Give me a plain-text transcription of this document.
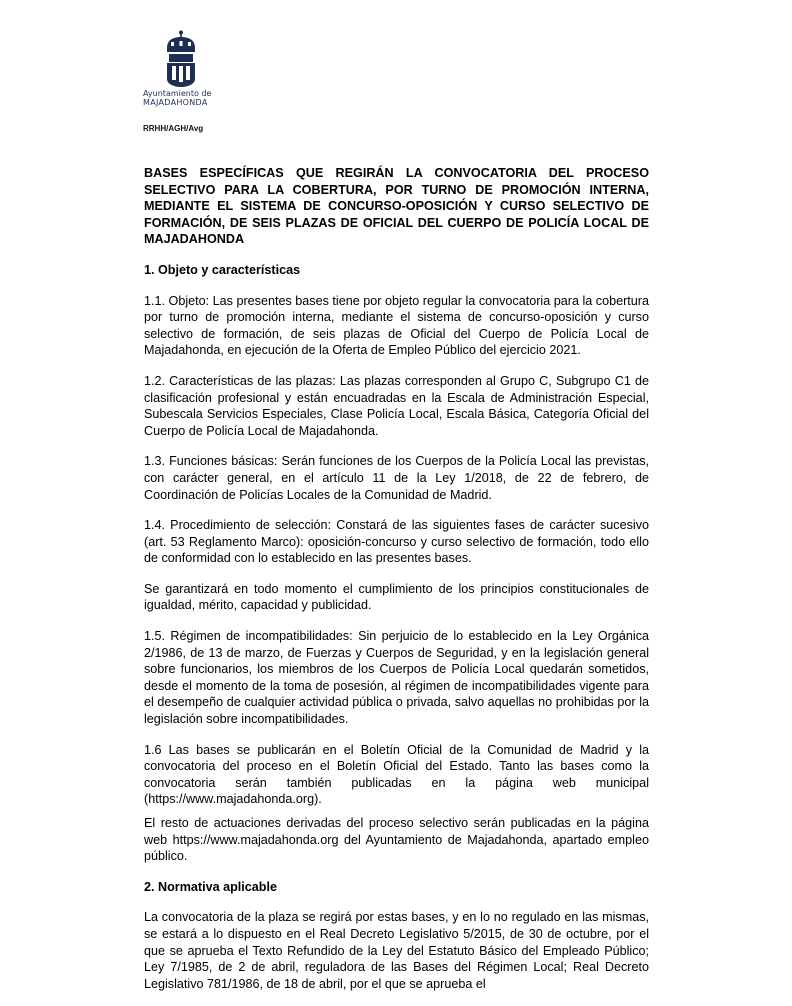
Ayuntamiento de
MAJADAHONDA
RRHH/AGH/Avg

BASES ESPECÍFICAS QUE REGIRÁN LA CONVOCATORIA DEL PROCESO SELECTIVO PARA LA COBERTURA, POR TURNO DE PROMOCIÓN INTERNA, MEDIANTE EL SISTEMA DE CONCURSO-OPOSICIÓN Y CURSO SELECTIVO DE FORMACIÓN, DE SEIS PLAZAS DE OFICIAL DEL CUERPO DE POLICÍA LOCAL DE MAJADAHONDA

1. Objeto y características

1.1. Objeto: Las presentes bases tiene por objeto regular la convocatoria para la cobertura por turno de promoción interna, mediante el sistema de concurso-oposición y curso selectivo de formación, de seis plazas de Oficial del Cuerpo de Policía Local de Majadahonda, en ejecución de la Oferta de Empleo Público del ejercicio 2021.

1.2. Características de las plazas: Las plazas corresponden al Grupo C, Subgrupo C1 de clasificación profesional y están encuadradas en la Escala de Administración Especial, Subescala Servicios Especiales, Clase Policía Local, Escala Básica, Categoría Oficial del Cuerpo de Policía Local de Majadahonda.

1.3. Funciones básicas: Serán funciones de los Cuerpos de la Policía Local las previstas, con carácter general, en el artículo 11 de la Ley 1/2018, de 22 de febrero, de Coordinación de Policías Locales de la Comunidad de Madrid.

1.4. Procedimiento de selección: Constará de las siguientes fases de carácter sucesivo (art. 53 Reglamento Marco): oposición-concurso y curso selectivo de formación, todo ello de conformidad con lo establecido en las presentes bases.

Se garantizará en todo momento el cumplimiento de los principios constitucionales de igualdad, mérito, capacidad y publicidad.

1.5. Régimen de incompatibilidades: Sin perjuicio de lo establecido en la Ley Orgánica 2/1986, de 13 de marzo, de Fuerzas y Cuerpos de Seguridad, y en la legislación general sobre funcionarios, los miembros de los Cuerpos de Policía Local quedarán sometidos, desde el momento de la toma de posesión, al régimen de incompatibilidades vigente para el desempeño de cualquier actividad pública o privada, salvo aquellas no prohibidas por la legislación sobre incompatibilidades.

1.6 Las bases se publicarán en el Boletín Oficial de la Comunidad de Madrid y la convocatoria del proceso en el Boletín Oficial del Estado. Tanto las bases como la convocatoria serán también publicadas en la página web municipal (https://www.majadahonda.org).

El resto de actuaciones derivadas del proceso selectivo serán publicadas en la página web https://www.majadahonda.org del Ayuntamiento de Majadahonda, apartado empleo público.

2. Normativa aplicable

La convocatoria de la plaza se regirá por estas bases, y en lo no regulado en las mismas, se estará a lo dispuesto en el Real Decreto Legislativo 5/2015, de 30 de octubre, por el que se aprueba el Texto Refundido de la Ley del Estatuto Básico del Empleado Público; Ley 7/1985, de 2 de abril, reguladora de las Bases del Régimen Local; Real Decreto Legislativo 781/1986, de 18 de abril, por el que se aprueba el
